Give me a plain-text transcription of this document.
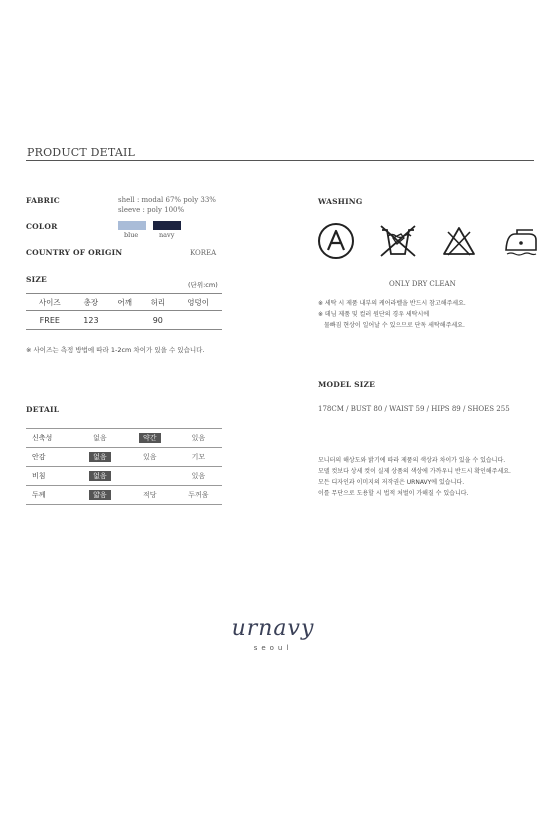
PRODUCT DETAIL
FABRIC	shell : modal 67% poly 33%
sleeve : poly 100%
COLOR
blue	navy
COUNTRY OF ORIGIN	KOREA
SIZE
(단위:cm)
사이즈	총장	어깨	허리	엉덩이
FREE	123		90	
※ 사이즈는 측정 방법에 따라 1-2cm 차이가 있을 수 있습니다.
DETAIL
신축성	없음	약간	있음
안감	없음	있음	기모
비침	없음		있음
두께	얇음	적당	두꺼움
WASHING
ONLY DRY CLEAN
※ 세탁 시 제품 내부의 케어라벨을 반드시 참고해주세요.
※ 데님 제품 및 컬러 원단의 경우 세탁시에
물빠짐 현상이 일어날 수 있으므로 단독 세탁해주세요.
MODEL SIZE
178CM / BUST 80 / WAIST 59 / HIPS 89 / SHOES 255
모니터의 해상도와 밝기에 따라 제품의 색상과 차이가 있을 수 있습니다.
모델 컷보다 상세 컷이 실제 상품의 색상에 가까우니 반드시 확인해주세요.
모든 디자인과 이미지의 저작권은 URNAVY에 있습니다.
이를 무단으로 도용할 시 법적 처벌이 가해질 수 있습니다.
urnavy
seoul
